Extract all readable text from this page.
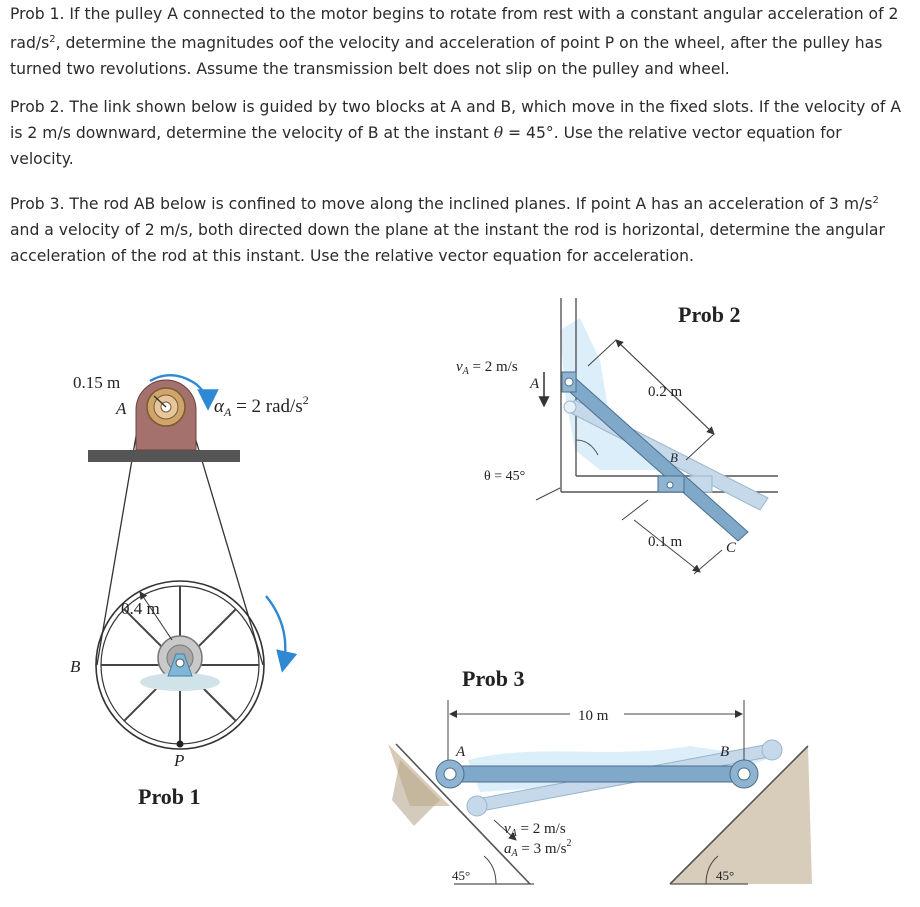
Prob 1. If the pulley A connected to the motor begins to rotate from rest with a constant angular acceleration of 2 rad/$s^2$, determine the magnitudes oof the velocity and acceleration of point P on the wheel, after the pulley has turned two revolutions. Assume the transmission belt does not slip on the pulley and wheel.
Prob 2. The link shown below is guided by two blocks at A and B, which move in the fixed slots. If the velocity of A is 2 m/s downward, determine the velocity of B at the instant θ = 45°. Use the relative vector equation for velocity.
Prob 3. The rod AB below is confined to move along the inclined planes. If point A has an acceleration of 3 $m/s^2$ and a velocity of 2 m/s, both directed down the plane at the instant the rod is horizontal, determine the angular acceleration of the rod at this instant. Use the relative vector equation for acceleration.
0.15 m
A	$\alpha_A = 2$ rad/$s^2$
0.4 m
B
P
Prob 1
Prob 2
$v_A = 2$ m/s
A
θ = 45°
0.2 m
0.1 m
B
C
Prob 3
10 m
A	B
$v_A = 2$ m/s
$a_A = 3$ $m/s^2$
45°	45°
